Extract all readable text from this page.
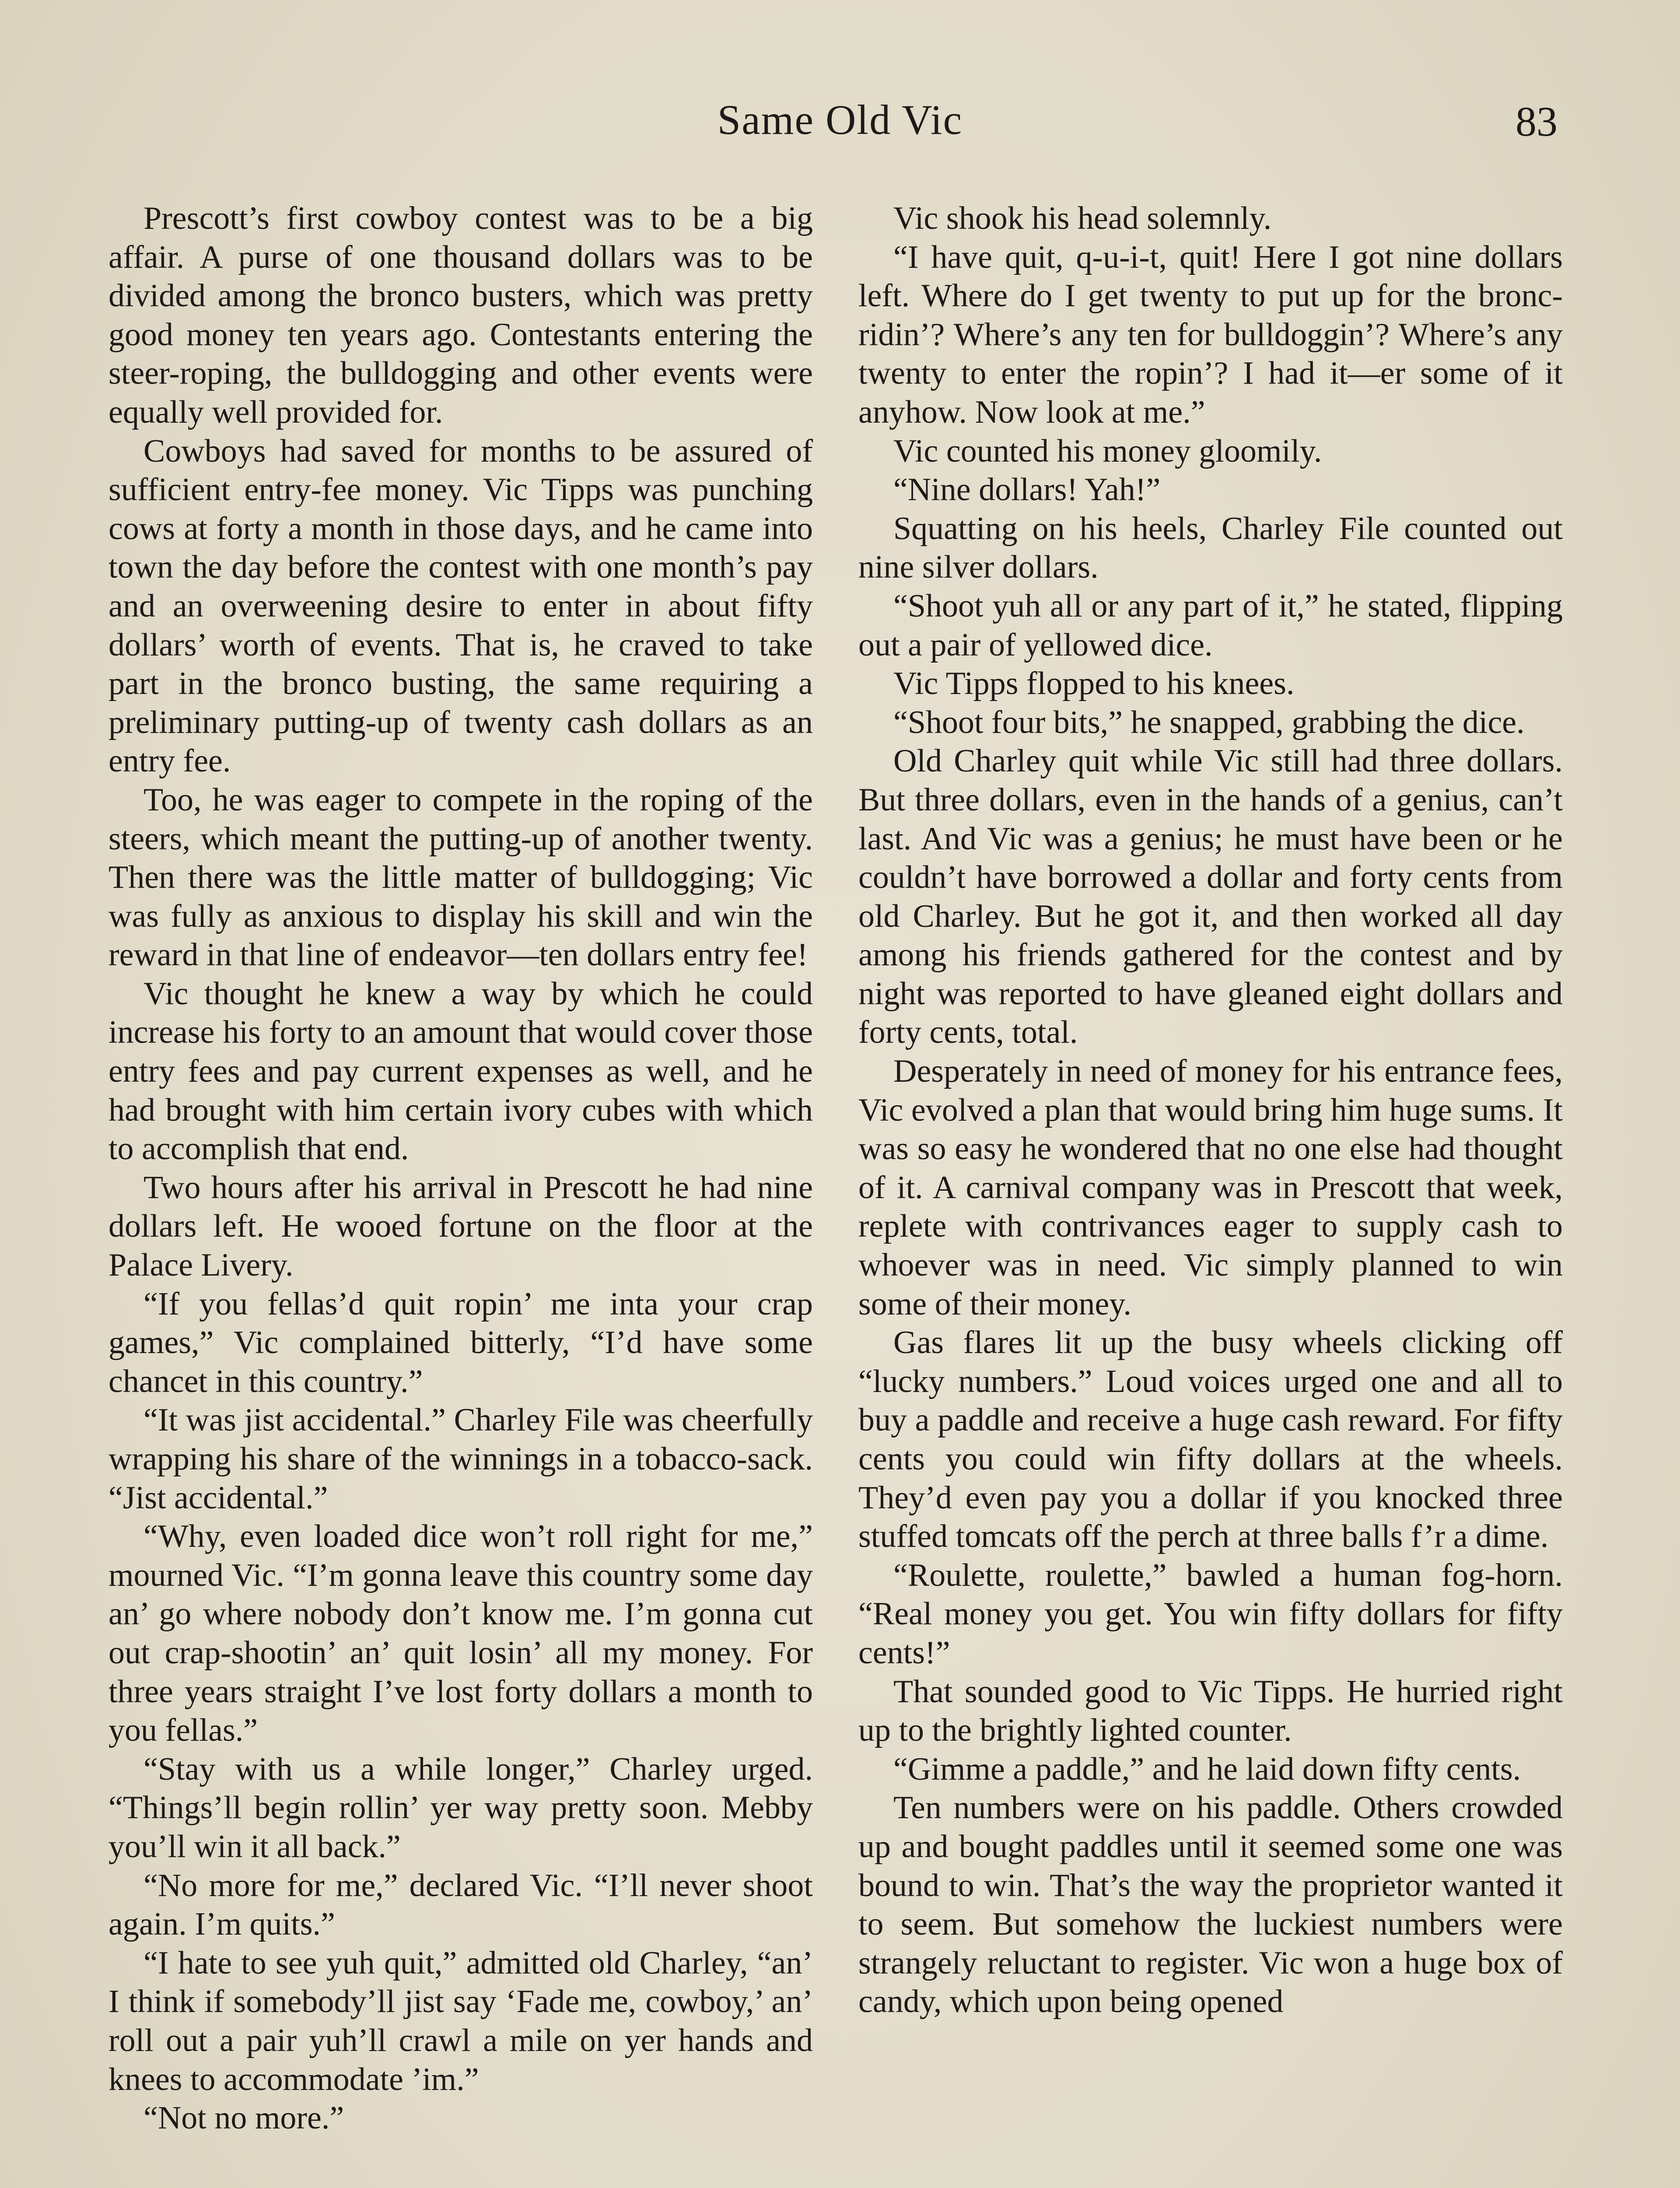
Same Old Vic	83

Prescott’s first cowboy contest was to be a big affair. A purse of one thousand dollars was to be divided among the bronco busters, which was pretty good money ten years ago. Contestants entering the steer-roping, the bulldogging and other events were equally well provided for.

Cowboys had saved for months to be assured of sufficient entry-fee money. Vic Tipps was punching cows at forty a month in those days, and he came into town the day before the contest with one month’s pay and an overweening desire to enter in about fifty dollars’ worth of events. That is, he craved to take part in the bronco busting, the same requiring a preliminary putting-up of twenty cash dollars as an entry fee.

Too, he was eager to compete in the roping of the steers, which meant the putting-up of another twenty. Then there was the little matter of bulldogging; Vic was fully as anxious to display his skill and win the reward in that line of endeavor—ten dollars entry fee!

Vic thought he knew a way by which he could increase his forty to an amount that would cover those entry fees and pay current expenses as well, and he had brought with him certain ivory cubes with which to accomplish that end.

Two hours after his arrival in Prescott he had nine dollars left. He wooed fortune on the floor at the Palace Livery.

“If you fellas’d quit ropin’ me inta your crap games,” Vic complained bitterly, “I’d have some chancet in this country.”

“It was jist accidental.” Charley File was cheerfully wrapping his share of the winnings in a tobacco-sack. “Jist accidental.”

“Why, even loaded dice won’t roll right for me,” mourned Vic. “I’m gonna leave this country some day an’ go where nobody don’t know me. I’m gonna cut out crap-shootin’ an’ quit losin’ all my money. For three years straight I’ve lost forty dollars a month to you fellas.”

“Stay with us a while longer,” Charley urged. “Things’ll begin rollin’ yer way pretty soon. Mebby you’ll win it all back.”

“No more for me,” declared Vic. “I’ll never shoot again. I’m quits.”

“I hate to see yuh quit,” admitted old Charley, “an’ I think if somebody’ll jist say ‘Fade me, cowboy,’ an’ roll out a pair yuh’ll crawl a mile on yer hands and knees to accommodate ’im.”

“Not no more.”

Vic shook his head solemnly.

“I have quit, q-u-i-t, quit! Here I got nine dollars left. Where do I get twenty to put up for the bronc-ridin’? Where’s any ten for bulldoggin’? Where’s any twenty to enter the ropin’? I had it—er some of it anyhow. Now look at me.”

Vic counted his money gloomily.

“Nine dollars! Yah!”

Squatting on his heels, Charley File counted out nine silver dollars.

“Shoot yuh all or any part of it,” he stated, flipping out a pair of yellowed dice.

Vic Tipps flopped to his knees.

“Shoot four bits,” he snapped, grabbing the dice.

Old Charley quit while Vic still had three dollars. But three dollars, even in the hands of a genius, can’t last. And Vic was a genius; he must have been or he couldn’t have borrowed a dollar and forty cents from old Charley. But he got it, and then worked all day among his friends gathered for the contest and by night was reported to have gleaned eight dollars and forty cents, total.

Desperately in need of money for his entrance fees, Vic evolved a plan that would bring him huge sums. It was so easy he wondered that no one else had thought of it. A carnival company was in Prescott that week, replete with contrivances eager to supply cash to whoever was in need. Vic simply planned to win some of their money.

Gas flares lit up the busy wheels clicking off “lucky numbers.” Loud voices urged one and all to buy a paddle and receive a huge cash reward. For fifty cents you could win fifty dollars at the wheels. They’d even pay you a dollar if you knocked three stuffed tomcats off the perch at three balls f’r a dime.

“Roulette, roulette,” bawled a human fog-horn. “Real money you get. You win fifty dollars for fifty cents!”

That sounded good to Vic Tipps. He hurried right up to the brightly lighted counter.

“Gimme a paddle,” and he laid down fifty cents.

Ten numbers were on his paddle. Others crowded up and bought paddles until it seemed some one was bound to win. That’s the way the proprietor wanted it to seem. But somehow the luckiest numbers were strangely reluctant to register. Vic won a huge box of candy, which upon being opened
